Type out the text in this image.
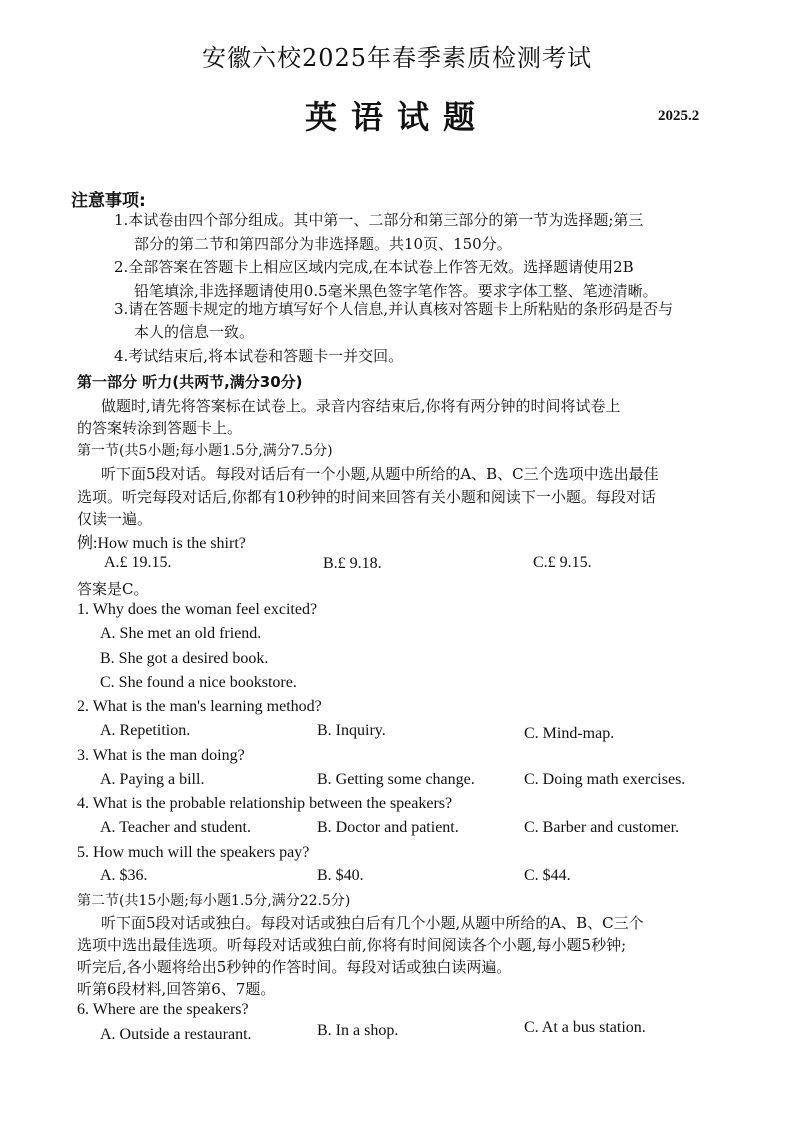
安徽六校2025年春季素质检测考试
英语试题	2025.2
注意事项:
1.本试卷由四个部分组成。其中第一、二部分和第三部分的第一节为选择题;第三
部分的第二节和第四部分为非选择题。共10页、150分。
2.全部答案在答题卡上相应区域内完成,在本试卷上作答无效。选择题请使用2B
铅笔填涂,非选择题请使用0.5毫米黑色签字笔作答。要求字体工整、笔迹清晰。
3.请在答题卡规定的地方填写好个人信息,并认真核对答题卡上所粘贴的条形码是否与
本人的信息一致。
4.考试结束后,将本试卷和答题卡一并交回。
第一部分 听力(共两节,满分30分)
做题时,请先将答案标在试卷上。录音内容结束后,你将有两分钟的时间将试卷上
的答案转涂到答题卡上。
第一节(共5小题;每小题1.5分,满分7.5分)
听下面5段对话。每段对话后有一个小题,从题中所给的A、B、C三个选项中选出最佳
选项。听完每段对话后,你都有10秒钟的时间来回答有关小题和阅读下一小题。每段对话
仅读一遍。
例:How much is the shirt?
A.£ 19.15.	B.£ 9.18.	C.£ 9.15.
答案是C。
1. Why does the woman feel excited?
A. She met an old friend.
B. She got a desired book.
C. She found a nice bookstore.
2. What is the man's learning method?
A. Repetition.	B. Inquiry.	C. Mind-map.
3. What is the man doing?
A. Paying a bill.	B. Getting some change.	C. Doing math exercises.
4. What is the probable relationship between the speakers?
A. Teacher and student.	B. Doctor and patient.	C. Barber and customer.
5. How much will the speakers pay?
A. $36.	B. $40.	C. $44.
第二节(共15小题;每小题1.5分,满分22.5分)
听下面5段对话或独白。每段对话或独白后有几个小题,从题中所给的A、B、C三个
选项中选出最佳选项。听每段对话或独白前,你将有时间阅读各个小题,每小题5秒钟;
听完后,各小题将给出5秒钟的作答时间。每段对话或独白读两遍。
听第6段材料,回答第6、7题。
6. Where are the speakers?
A. Outside a restaurant.	B. In a shop.	C. At a bus station.
